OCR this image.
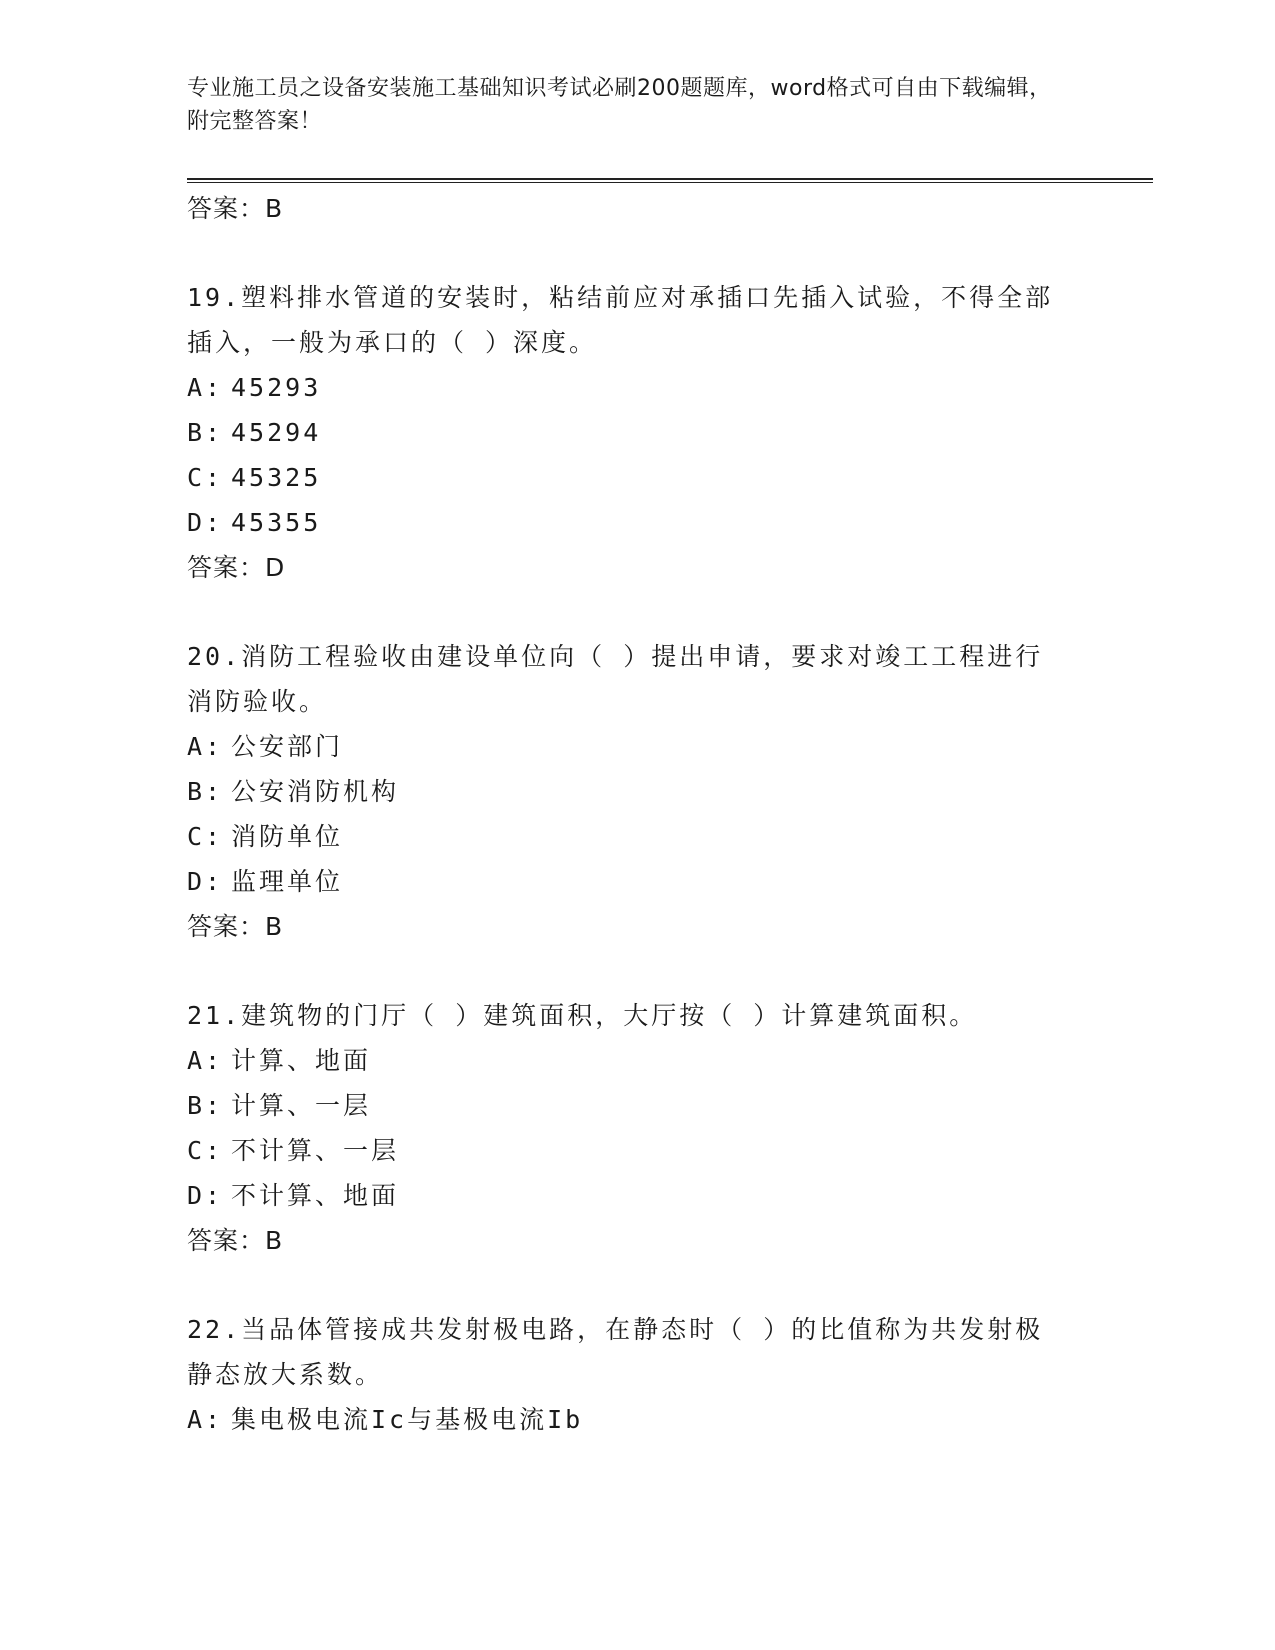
专业施工员之设备安装施工基础知识考试必刷200题题库，word格式可自由下载编辑，附完整答案！
答案：B
19.塑料排水管道的安装时，粘结前应对承插口先插入试验，不得全部插入，一般为承口的（ ）深度。
A: 45293
B: 45294
C: 45325
D: 45355
答案：D
20.消防工程验收由建设单位向（ ）提出申请，要求对竣工工程进行消防验收。
A: 公安部门
B: 公安消防机构
C: 消防单位
D: 监理单位
答案：B
21.建筑物的门厅（ ）建筑面积，大厅按（ ）计算建筑面积。
A: 计算、地面
B: 计算、一层
C: 不计算、一层
D: 不计算、地面
答案：B
22.当品体管接成共发射极电路，在静态时（ ）的比值称为共发射极静态放大系数。
A: 集电极电流Ic与基极电流Ib
